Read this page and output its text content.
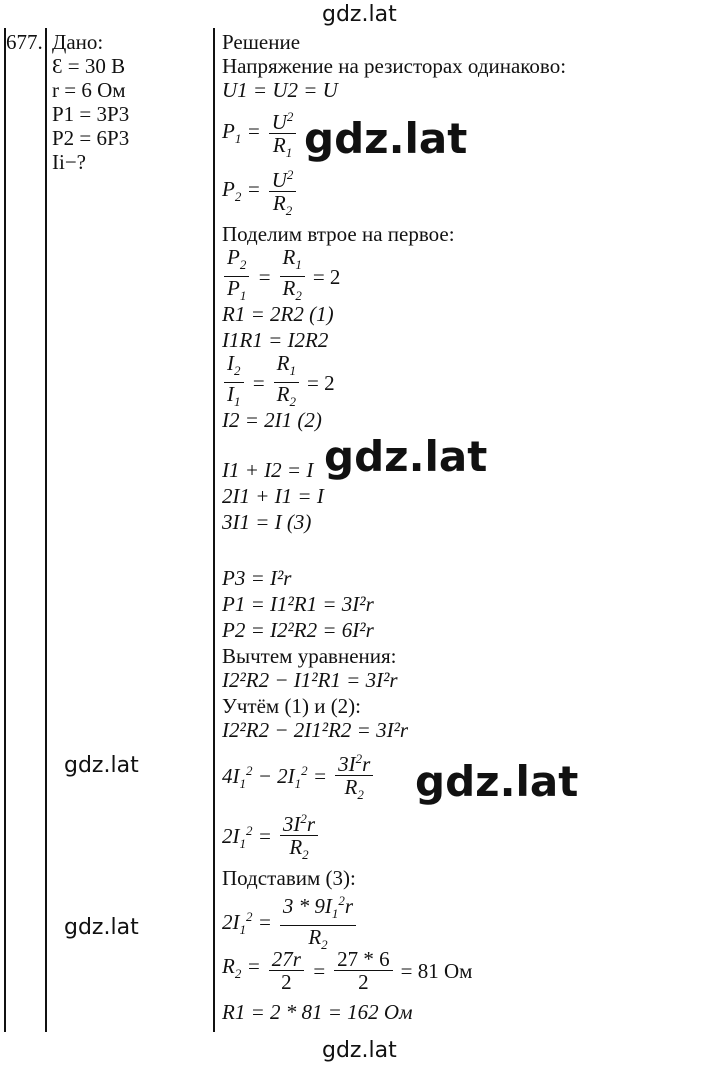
gdz.lat
gdz.lat
gdz.lat
gdz.lat
gdz.lat
gdz.lat
gdz.lat
677. Дано:
Ɛ = 30 В
r = 6 Ом
P1 = 3P3
P2 = 6P3
Ii−?
Решение
Напряжение на резисторах одинаково:
U1 = U2 = U
$P_1 = \frac{U^2}{R_1}$
$P_2 = \frac{U^2}{R_2}$
Поделим втрое на первое:
$\frac{P_2}{P_1} = \frac{R_1}{R_2} = 2$
R1 = 2R2 (1)
I1R1 = I2R2
$\frac{I_2}{I_1} = \frac{R_1}{R_2} = 2$
I2 = 2I1 (2)
I1 + I2 = I
2I1 + I1 = I
3I1 = I (3)
P3 = I²r
P1 = I1²R1 = 3I²r
P2 = I2²R2 = 6I²r
Вычтем уравнения:
I2²R2 − I1²R1 = 3I²r
Учтём (1) и (2):
I2²R2 − 2I1²R2 = 3I²r
$4I_1^2 - 2I_1^2 = \frac{3I^2r}{R_2}$
$2I_1^2 = \frac{3I^2r}{R_2}$
Подставим (3):
$2I_1^2 = \frac{3 * 9I_1^2r}{R_2}$
$R_2 = \frac{27r}{2} = \frac{27 * 6}{2} = 81$ Ом
R1 = 2 * 81 = 162 Ом
